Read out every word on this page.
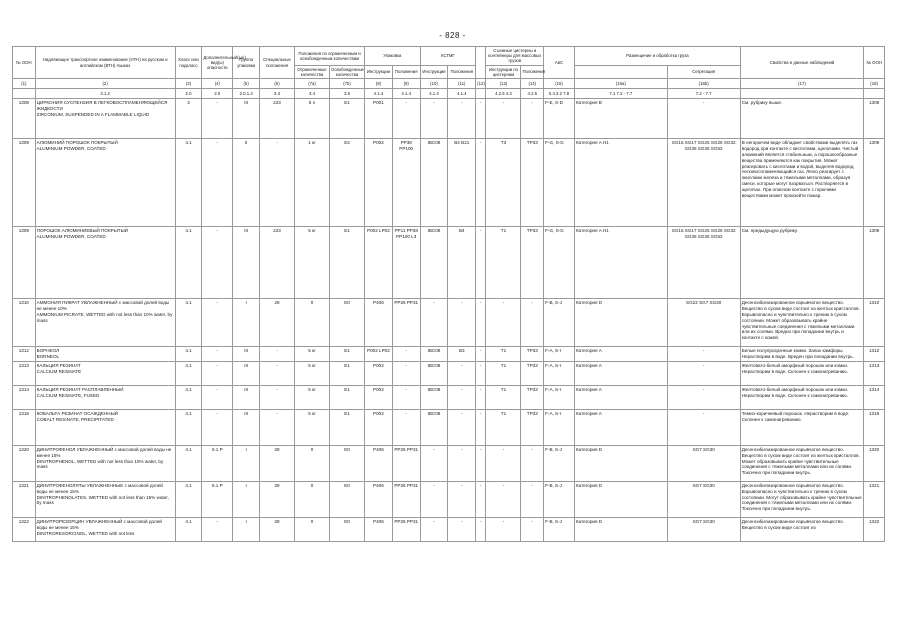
- 828 -
№ ООН	Надлежащее транспортное наименование (НТН) на русском и английском (ВТН) языках	Класс или подкласс	Дополнительный(ые) вид(ы) опасности	Группа упаковки	Специальные положения	Положения по ограниченным и освобожденным количествам		Упаковка		КСГМГ			Съемные цистерны и контейнеры для массовых грузов		АвС	Размещение и обработка груза		Свойства и данные наблюдений	№ ООН
													Инструкции по цистернам	Положения			Сегрегация		
						Ограниченные количества	Освобожденные количества	Инструкции	Положения	Инструкции	Положения								
(1)	(2)	(3)	(4)	(5)	(6)	(7a)	(7b)	(8)	(9)	(10)	(11)	(12)	(13)	(14)	(15)	(16a)	(16b)	(17)	(18)
	3.1.2	2.0	2.0	2.0.1.3	3.3	3.4	3.5	4.1.4	4.1.4	4.1.4	4.1.4		4.2.5 4.3	4.2.5	5.4.3.2 7.8	7.1 7.2 - 7.7	7.2 - 7.7		
1308	ЦИРКОНИЯ СУСПЕНЗИЯ В ЛЕГКОВОСПЛАМЕНЯЮЩЕЙСЯ ЖИДКОСТИ
ZIRCONIUM, SUSPENDED IN A FLAMMABLE LIQUID	3	-	III	223	5 л	E1	P001	-	-	-	-	-	-	F-E, S-D	Категория B	-	См. рубрику выше.	1308
1309	АЛЮМИНИЙ ПОРОШОК ПОКРЫТЫЙ
ALUMINIUM POWDER, COATED	4.1	-	II	-	1 кг	E2	P002	PP38 PP100	IBC08	B4 B21	-	T3	TP33	F-G, S-G	Категория A H1	SG15 SG17 SG25 SG26 SG32 SG35 SG36 SG52	В негорючем виде обладает свойствами выделять газ водород при контакте с кислотами, щелочами. Чистый алюминий является стабильным, а порошкообразные вещества применяются как покрытия. Может реагировать с кислотами и водой, выделяя водород, легковоспламеняющийся газ. Легко реагирует с окислами железа и тяжелыми металлами, образуя смеси, которые могут взорваться. Растворяется в щелочах. При опасном контакте с горючими веществами может произойти пожар.	1309
1309	ПОРОШОК АЛЮМИНИЕВЫЙ ПОКРЫТЫЙ
ALUMINIUM POWDER, COATED	4.1	-	III	223	5 кг	E1	P002 LP02	PP11 PP38 PP100 L3	IBC08	B4	-	T1	TP33	F-G, S-G	Категория A H1	SG15 SG17 SG25 SG26 SG32 SG35 SG36 SG52	См. предыдущую рубрику.	1309
1310	АММОНИЯ ПИКРАТ УВЛАЖНЕННЫЙ с массовой долей воды не менее 10%
AMMONIUM PICRATE, WETTED with not less than 10% water, by mass	4.1	-	I	28	0	E0	P406	PP26 PP31	-	-	-	-	-	F-B, S-J	Категория D	SG22 SG7 SG30	Десенсибилизированное взрывчатое вещество. Вещество в сухом виде состоит из желтых кристаллов. Взрывоопасно и чувствительно к трению в сухом состоянии. Может образовывать крайне чувствительные соединения с тяжелыми металлами или их солями. Вредно при попадании внутрь и контакте с кожей.	1310
1312	БОРНЕОЛ
BORNEOL	4.1	-	III	-	5 кг	E1	P002 LP02	-	IBC08	B3	-	T1	TP33	F-A, S-I	Категория A	-	Белые полупрозрачные комки. Запах камфоры. Нерастворим в воде. Вреден при попадании внутрь.	1312
1313	КАЛЬЦИЯ РЕЗИНАТ
CALCIUM RESINATE	4.1	-	III	-	5 кг	E1	P002	-	IBC08	-	-	T1	TP33	F-A, S-I	Категория A	-	Желтовато-белый аморфный порошок или комки. Нерастворим в воде. Склонен к самонагреванию.	1313
1314	КАЛЬЦИЯ РЕЗИНАТ РАСПЛАВЛЕННЫЙ
CALCIUM RESINATE, FUSED	4.1	-	III	-	5 кг	E1	P002	-	IBC08	-	-	T1	TP33	F-A, S-I	Категория A	-	Желтовато-белый аморфный порошок или комки. Нерастворим в воде. Склонен к самонагреванию.	1314
1318	КОБАЛЬТА РЕЗИНАТ ОСАЖДЕННЫЙ
COBALT RESINATE, PRECIPITATED	4.1	-	III	-	5 кг	E1	P002	-	IBC08	-	-	T1	TP33	F-A, S-I	Категория A	-	Темно-коричневый порошок. Нерастворим в воде. Склонен к самонагреванию.	1318
1320	ДИНИТРОФЕНОЛ УВЛАЖНЕННЫЙ с массовой долей воды не менее 15%
DINITROPHENOL, WETTED with not less than 15% water, by mass	4.1	6.1 P	I	28	0	E0	P406	PP26 PP31	-	-	-	-	-	F-B, S-J	Категория D	SG7 SG30	Десенсибилизированное взрывчатое вещество. Вещество в сухом виде состоит из желтых кристаллов. Может образовывать крайне чувствительные соединения с тяжелыми металлами или их солями. Токсично при попадании внутрь.	1320
1321	ДИНИТРОФЕНОЛЯТЫ УВЛАЖНЕННЫЕ с массовой долей воды не менее 15%
DINITROPHENOLATES, WETTED with not less than 15% water, by mass	4.1	6.1 P	I	28	0	E0	P406	PP26 PP31	-	-	-	-	-	F-B, S-J	Категория D	SG7 SG30	Десенсибилизированное взрывчатое вещество. Взрывоопасно и чувствительно к трению в сухом состоянии. Могут образовывать крайне чувствительные соединения с тяжелыми металлами или их солями. Токсично при попадании внутрь.	1321
1322	ДИНИТРОРЕЗОРЦИН УВЛАЖНЕННЫЙ с массовой долей воды не менее 15%
DINITRORESORCINOL, WETTED with not less	4.1	-	I	28	0	E0	P406	PP26 PP31	-	-	-	-	-	F-B, S-J	Категория D	SG7 SG30	Десенсибилизированное взрывчатое вещество. Вещество в сухом виде состоит из	1322
